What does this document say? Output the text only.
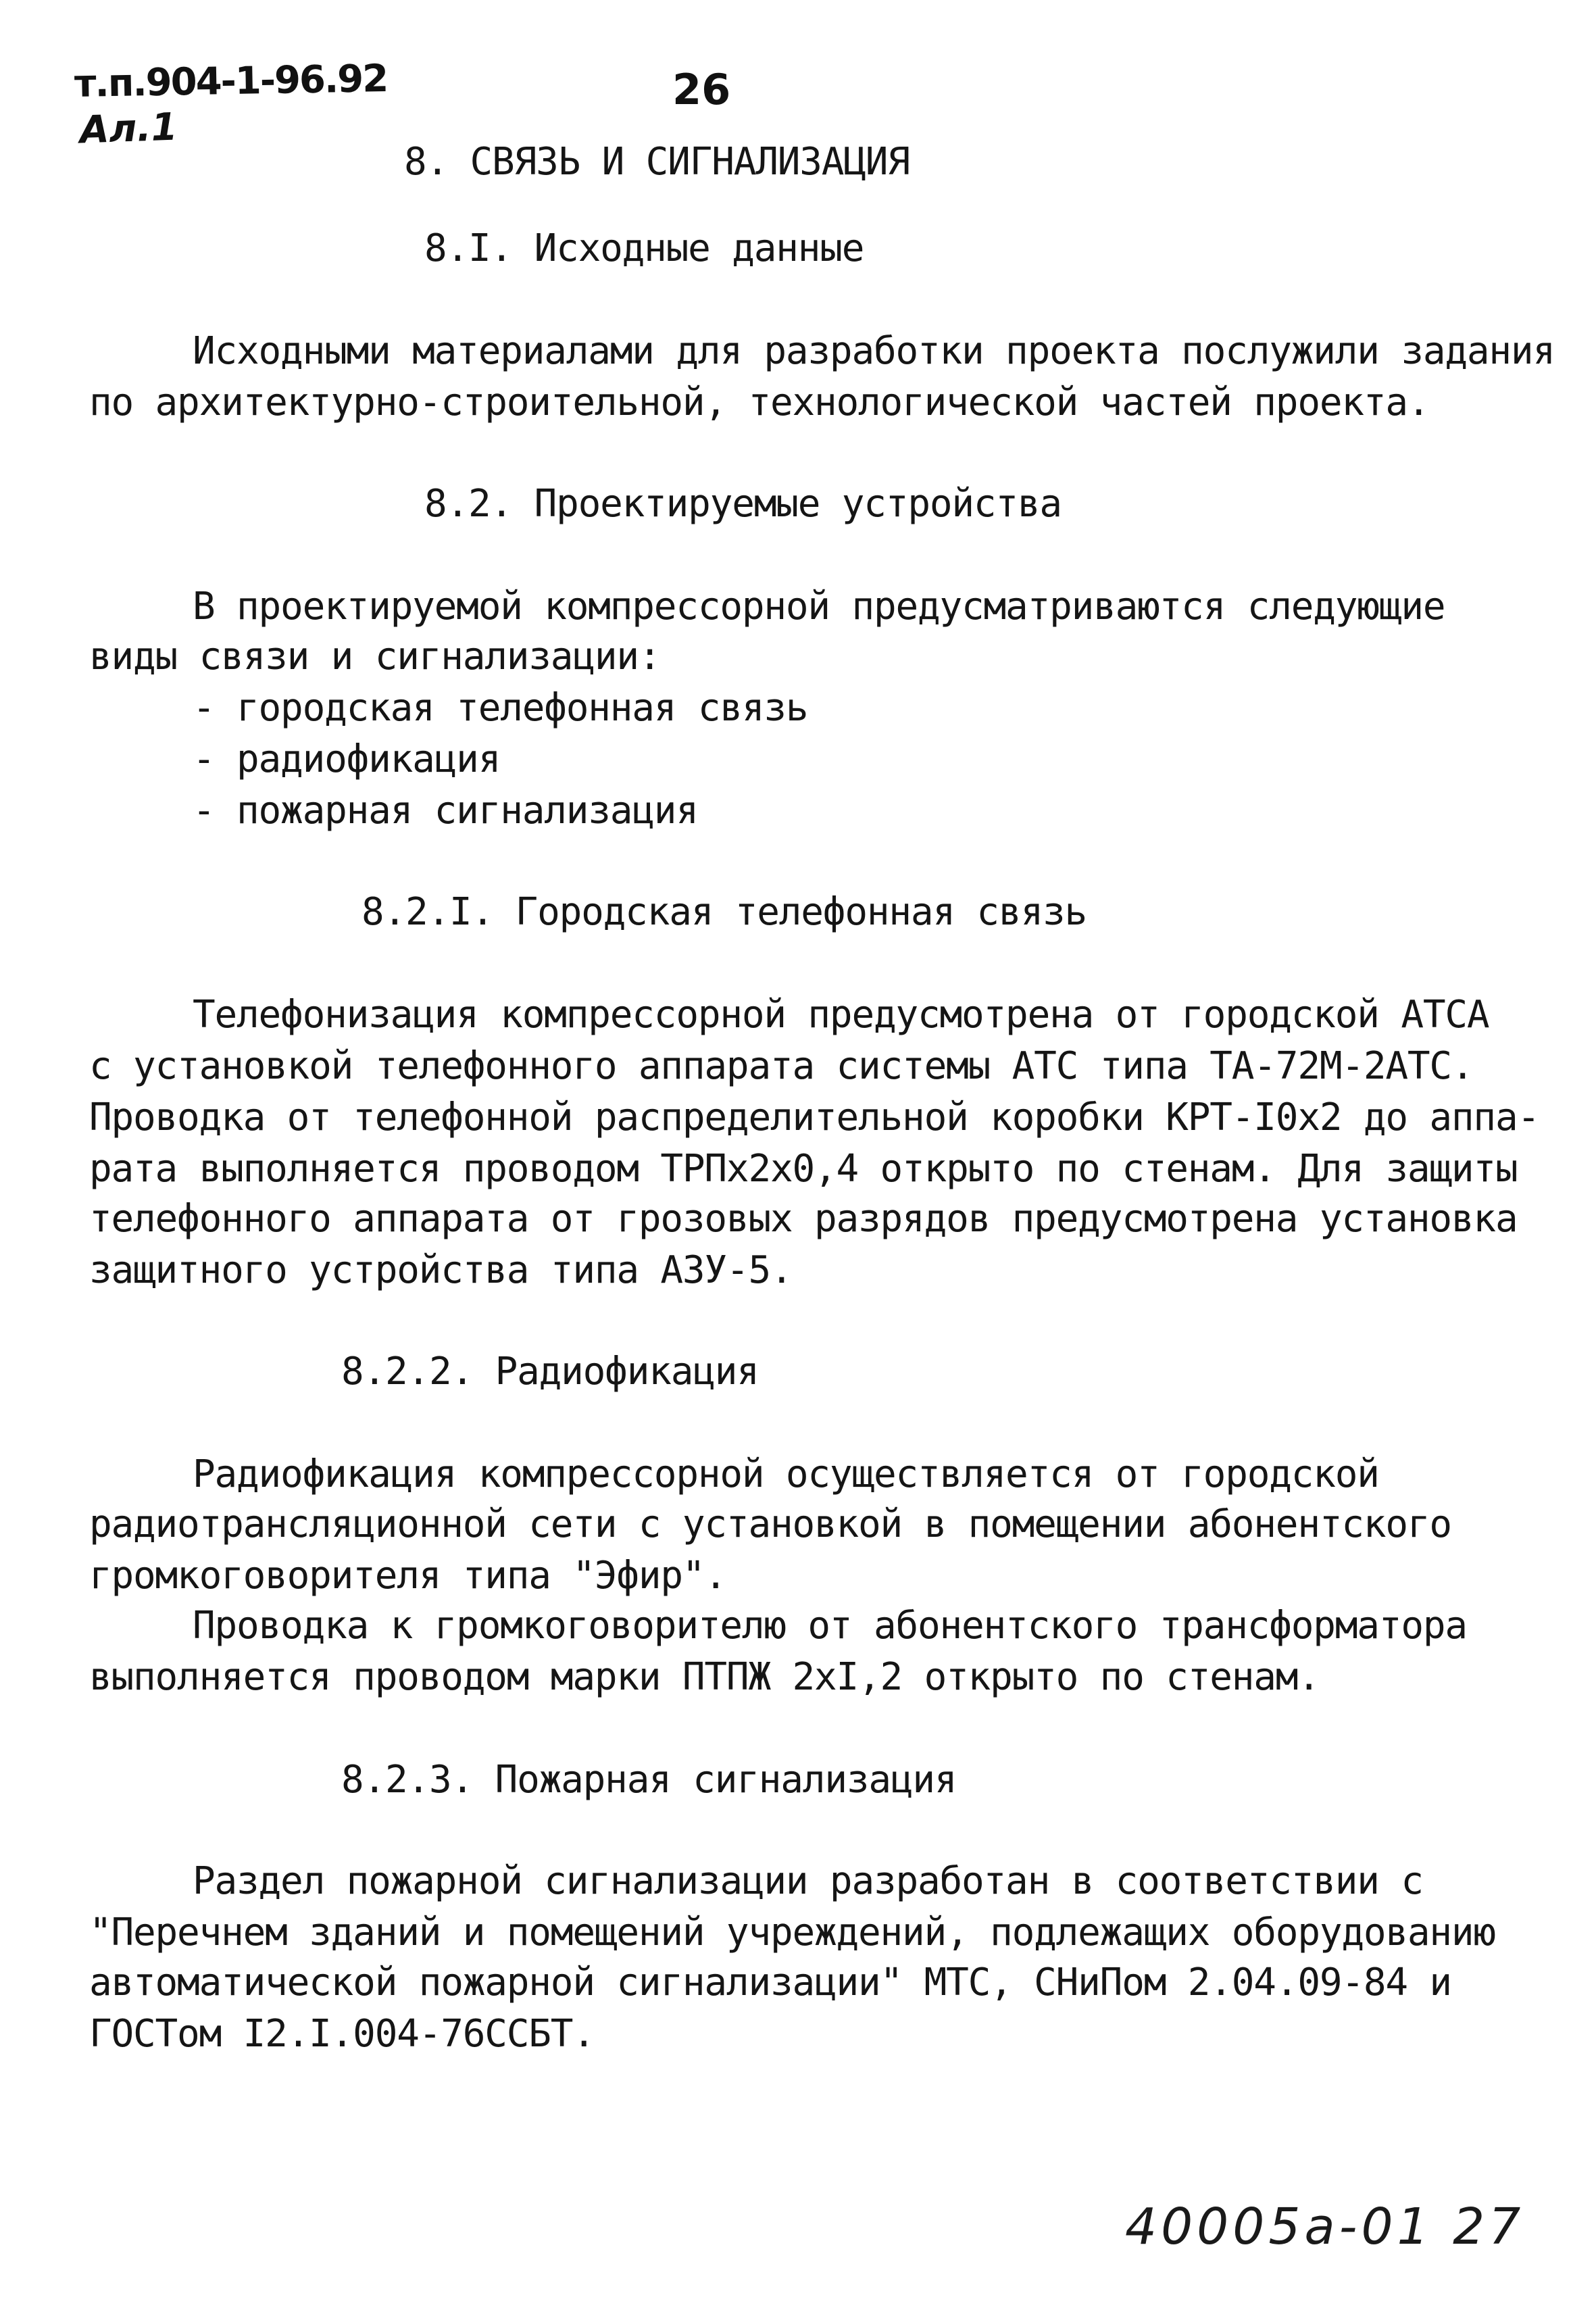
т.п.904-1-96.92
Ал.1
26
8. СВЯЗЬ И СИГНАЛИЗАЦИЯ
8.I. Исходные данные
Исходными материалами для разработки проекта послужили задания
по архитектурно-строительной, технологической частей проекта.
8.2. Проектируемые устройства
В проектируемой компрессорной предусматриваются следующие
виды связи и сигнализации:
- городская телефонная связь
- радиофикация
- пожарная сигнализация
8.2.I. Городская телефонная связь
Телефонизация компрессорной предусмотрена от городской АТСА
с установкой телефонного аппарата системы АТС типа ТА-72М-2АТС.
Проводка от телефонной распределительной коробки КРТ-I0х2 до аппа-
рата выполняется проводом ТРПх2х0,4 открыто по стенам. Для защиты
телефонного аппарата от грозовых разрядов предусмотрена установка
защитного устройства типа АЗУ-5.
8.2.2. Радиофикация
Радиофикация компрессорной осуществляется от городской
радиотрансляционной сети с установкой в помещении абонентского
громкоговорителя типа "Эфир".
Проводка к громкоговорителю от абонентского трансформатора
выполняется проводом марки ПТПЖ 2хI,2 открыто по стенам.
8.2.3. Пожарная сигнализация
Раздел пожарной сигнализации разработан в соответствии с
"Перечнем зданий и помещений учреждений, подлежащих оборудованию
автоматической пожарной сигнализации" МТС, СНиПом 2.04.09-84 и
ГОСТом I2.I.004-76ССБТ.
40005а-01 27
